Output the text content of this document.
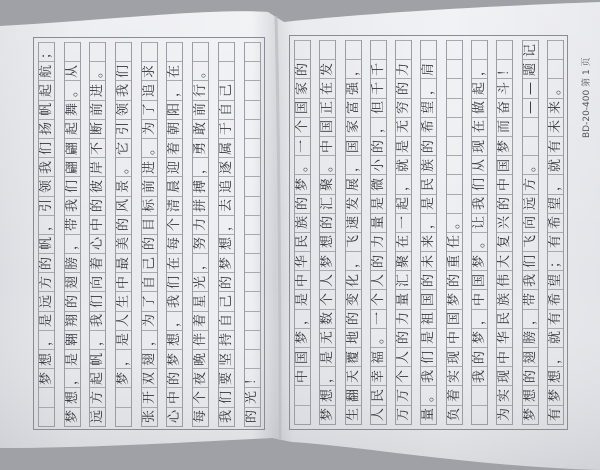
梦
想
，
是
远
方
的
帆
，
引
领
我
们
扬
帆
起
航
；
梦
想
，
是
翱
翔
的
翅
膀
，
带
我
们
翩
翩
起
舞
。
从
远
方
起
帆
，
我
们
向
着
心
中
的
彼
岸
不
断
前
进
。
梦
，
是
人
生
中
最
美
的
风
景
。
它
引
领
我
们
张
开
双
翅
，
为
了
自
己
的
目
标
前
进
。
为
了
追
求
心
中
的
梦
想
，
我
们
在
每
个
清
晨
迎
着
朝
阳
，
在
每
个
夜
晚
伴
着
星
光
，
努
力
拼
搏
，
勇
敢
前
行
。
我
们
要
坚
持
自
己
的
梦
想
，
去
追
逐
属
于
自
己
的
光
！	中
国
梦
，
是
中
华
民
族
的
梦
。
一
个
国
家
的
梦
想
，
是
无
数
个
人
梦
想
的
汇
聚
。
中
国
正
在
发
生
翻
天
覆
地
的
变
化
，
飞
速
发
展
，
国
家
富
强
，
人
民
幸
福
。
一
个
人
的
力
量
是
微
小
的
，
但
千
千
万
万
个
人
的
力
量
汇
聚
在
一
起
，
就
是
无
穷
的
力
量
。
我
们
是
祖
国
的
未
来
，
是
民
族
的
希
望
，
肩
负
着
实
现
中
国
梦
的
重
任
。
我
的
梦
，
中
国
梦
。
让
我
们
从
现
在
做
起
，
为
实
现
中
华
民
族
伟
大
复
兴
的
中
国
梦
而
奋
斗
！
梦
想
的
翅
膀
，
带
我
们
飞
向
远
方
。
—
—
题
记
有
梦
想
，
就
有
希
望
；
有
希
望
，
就
有
未
来
。	BD-20-400 第 1 页
